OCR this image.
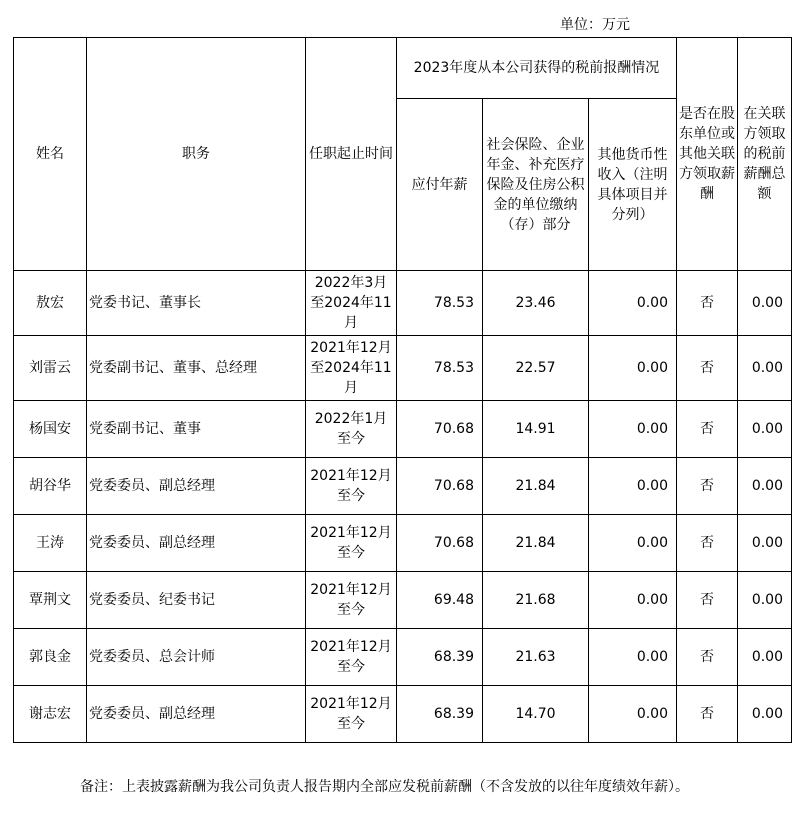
单位：万元
姓名	职务	任职起止时间	2023年度从本公司获得的税前报酬情况			是否在股东单位或其他关联方领取薪酬	在关联方领取的税前薪酬总额
			应付年薪	社会保险、企业年金、补充医疗保险及住房公积金的单位缴纳（存）部分	其他货币性收入（注明具体项目并分列）		
敖宏	党委书记、董事长	2022年3月至2024年11月	78.53	23.46	0.00	否	0.00
刘雷云	党委副书记、董事、总经理	2021年12月至2024年11月	78.53	22.57	0.00	否	0.00
杨国安	党委副书记、董事	2022年1月至今	70.68	14.91	0.00	否	0.00
胡谷华	党委委员、副总经理	2021年12月至今	70.68	21.84	0.00	否	0.00
王涛	党委委员、副总经理	2021年12月至今	70.68	21.84	0.00	否	0.00
覃荆文	党委委员、纪委书记	2021年12月至今	69.48	21.68	0.00	否	0.00
郭良金	党委委员、总会计师	2021年12月至今	68.39	21.63	0.00	否	0.00
谢志宏	党委委员、副总经理	2021年12月至今	68.39	14.70	0.00	否	0.00
备注：上表披露薪酬为我公司负责人报告期内全部应发税前薪酬（不含发放的以往年度绩效年薪）。
